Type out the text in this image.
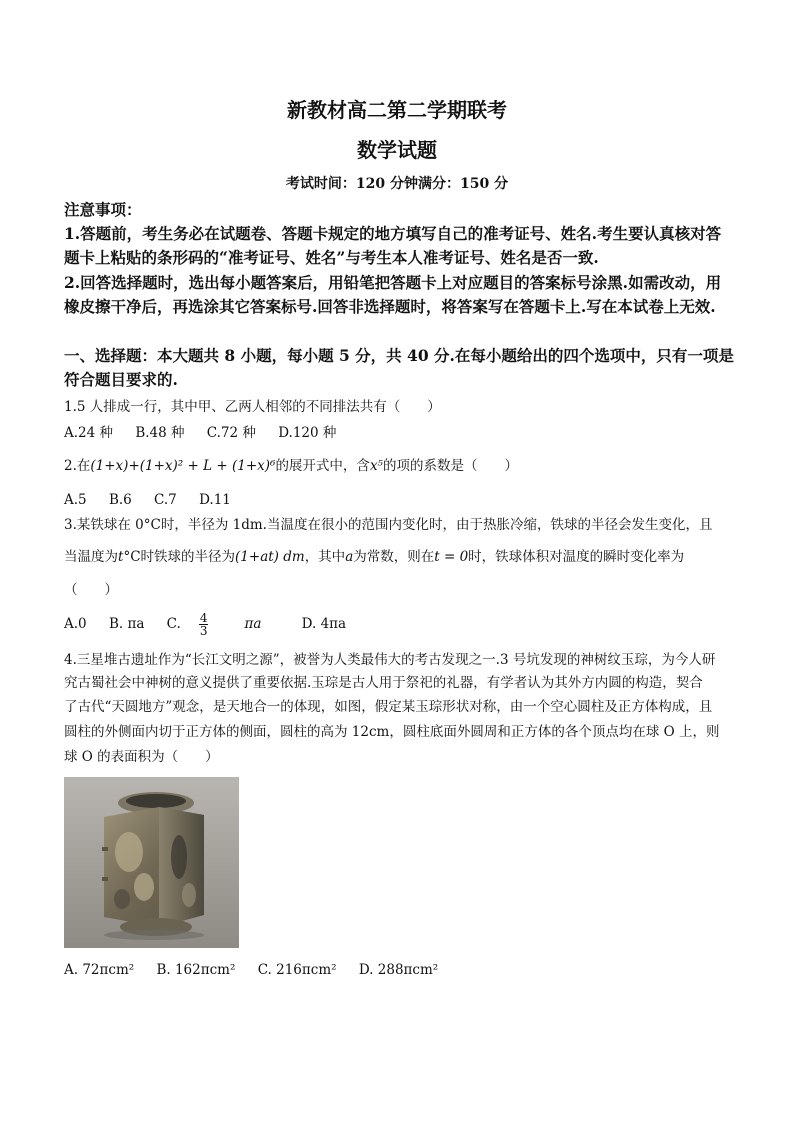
新教材高二第二学期联考
数学试题
考试时间：120 分钟满分：150 分
注意事项：
1.答题前，考生务必在试题卷、答题卡规定的地方填写自己的准考证号、姓名.考生要认真核对答题卡上粘贴的条形码的“准考证号、姓名”与考生本人准考证号、姓名是否一致.
2.回答选择题时，选出每小题答案后，用铅笔把答题卡上对应题目的答案标号涂黑.如需改动，用橡皮擦干净后，再选涂其它答案标号.回答非选择题时，将答案写在答题卡上.写在本试卷上无效.
一、选择题：本大题共 8 小题，每小题 5 分，共 40 分.在每小题给出的四个选项中，只有一项是符合题目要求的.
1.5 人排成一行，其中甲、乙两人相邻的不同排法共有（　　）
A.24 种 B.48 种 C.72 种 D.120 种
2.在(1+x)+(1+x)² + L + (1+x)⁶的展开式中，含x⁵的项的系数是（　　）
A.5 B.6 C.7 D.11
3.某铁球在 0°C时，半径为 1dm.当温度在很小的范围内变化时，由于热胀冷缩，铁球的半径会发生变化，且
当温度为t°C时铁球的半径为(1+at) dm，其中a为常数，则在t = 0时，铁球体积对温度的瞬时变化率为
（　　）
A.0 B. πa C. $\frac{4}{3}$ πa	D. 4πa
4.三星堆古遗址作为“长江文明之源”，被誉为人类最伟大的考古发现之一.3 号坑发现的神树纹玉琮，为今人研
究古蜀社会中神树的意义提供了重要依据.玉琮是古人用于祭祀的礼器，有学者认为其外方内圆的构造，契合
了古代“天圆地方”观念，是天地合一的体现，如图，假定某玉琮形状对称，由一个空心圆柱及正方体构成，且
圆柱的外侧面内切于正方体的侧面，圆柱的高为 12cm，圆柱底面外圆周和正方体的各个顶点均在球 O 上，则
球 O 的表面积为（　　）
A. 72πcm² B. 162πcm² C. 216πcm² D. 288πcm²
